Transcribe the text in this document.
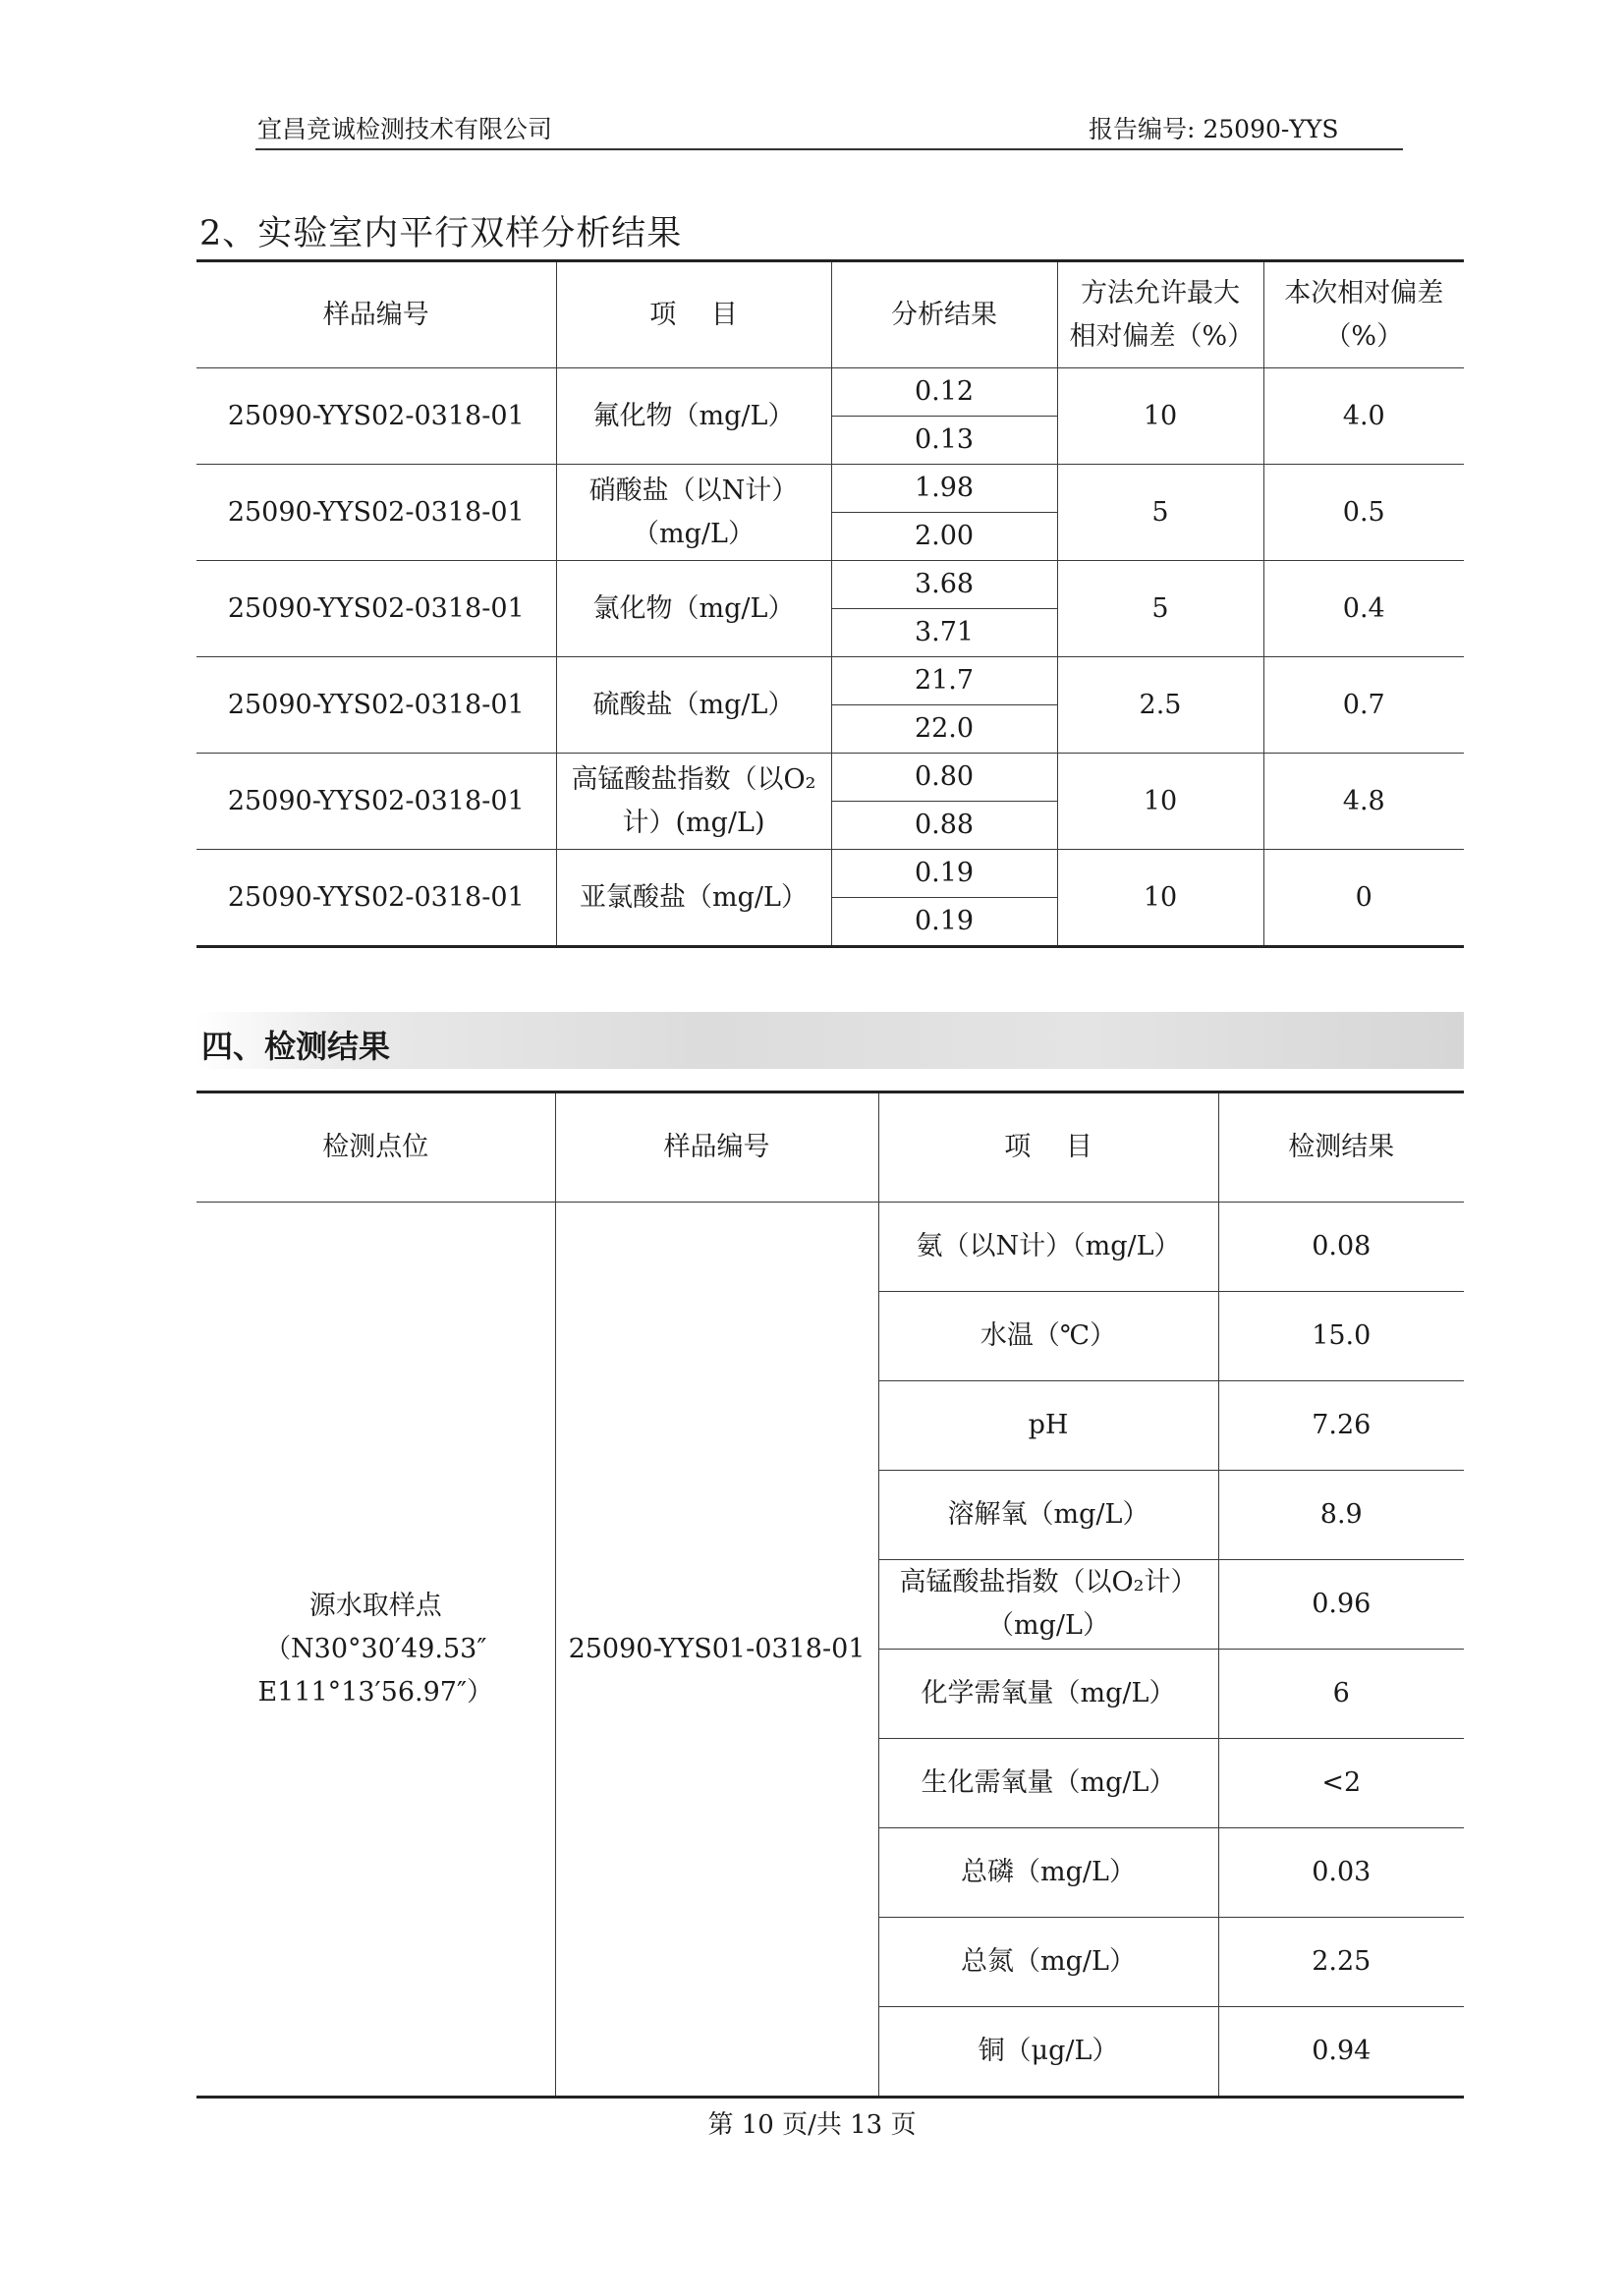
宜昌竞诚检测技术有限公司	报告编号: 25090-YYS
2、实验室内平行双样分析结果
样品编号	项　 目	分析结果	方法允许最大相对偏差（%）	本次相对偏差（%）
25090-YYS02-0318-01	氟化物（mg/L）	0.12	10	4.0
		0.13		
25090-YYS02-0318-01	硝酸盐（以N计）（mg/L）	1.98	5	0.5
		2.00		
25090-YYS02-0318-01	氯化物（mg/L）	3.68	5	0.4
		3.71		
25090-YYS02-0318-01	硫酸盐（mg/L）	21.7	2.5	0.7
		22.0		
25090-YYS02-0318-01	高锰酸盐指数（以O₂计）(mg/L)	0.80	10	4.8
		0.88		
25090-YYS02-0318-01	亚氯酸盐（mg/L）	0.19	10	0
		0.19		
四、检测结果
检测点位	样品编号	项　 目	检测结果
源水取样点（N30°30′49.53″ E111°13′56.97″）	25090-YYS01-0318-01	氨（以N计）（mg/L）	0.08
		水温（℃）	15.0
		pH	7.26
		溶解氧（mg/L）	8.9
		高锰酸盐指数（以O₂计）（mg/L）	0.96
		化学需氧量（mg/L）	6
		生化需氧量（mg/L）	<2
		总磷（mg/L）	0.03
		总氮（mg/L）	2.25
		铜（μg/L）	0.94
第 10 页/共 13 页
